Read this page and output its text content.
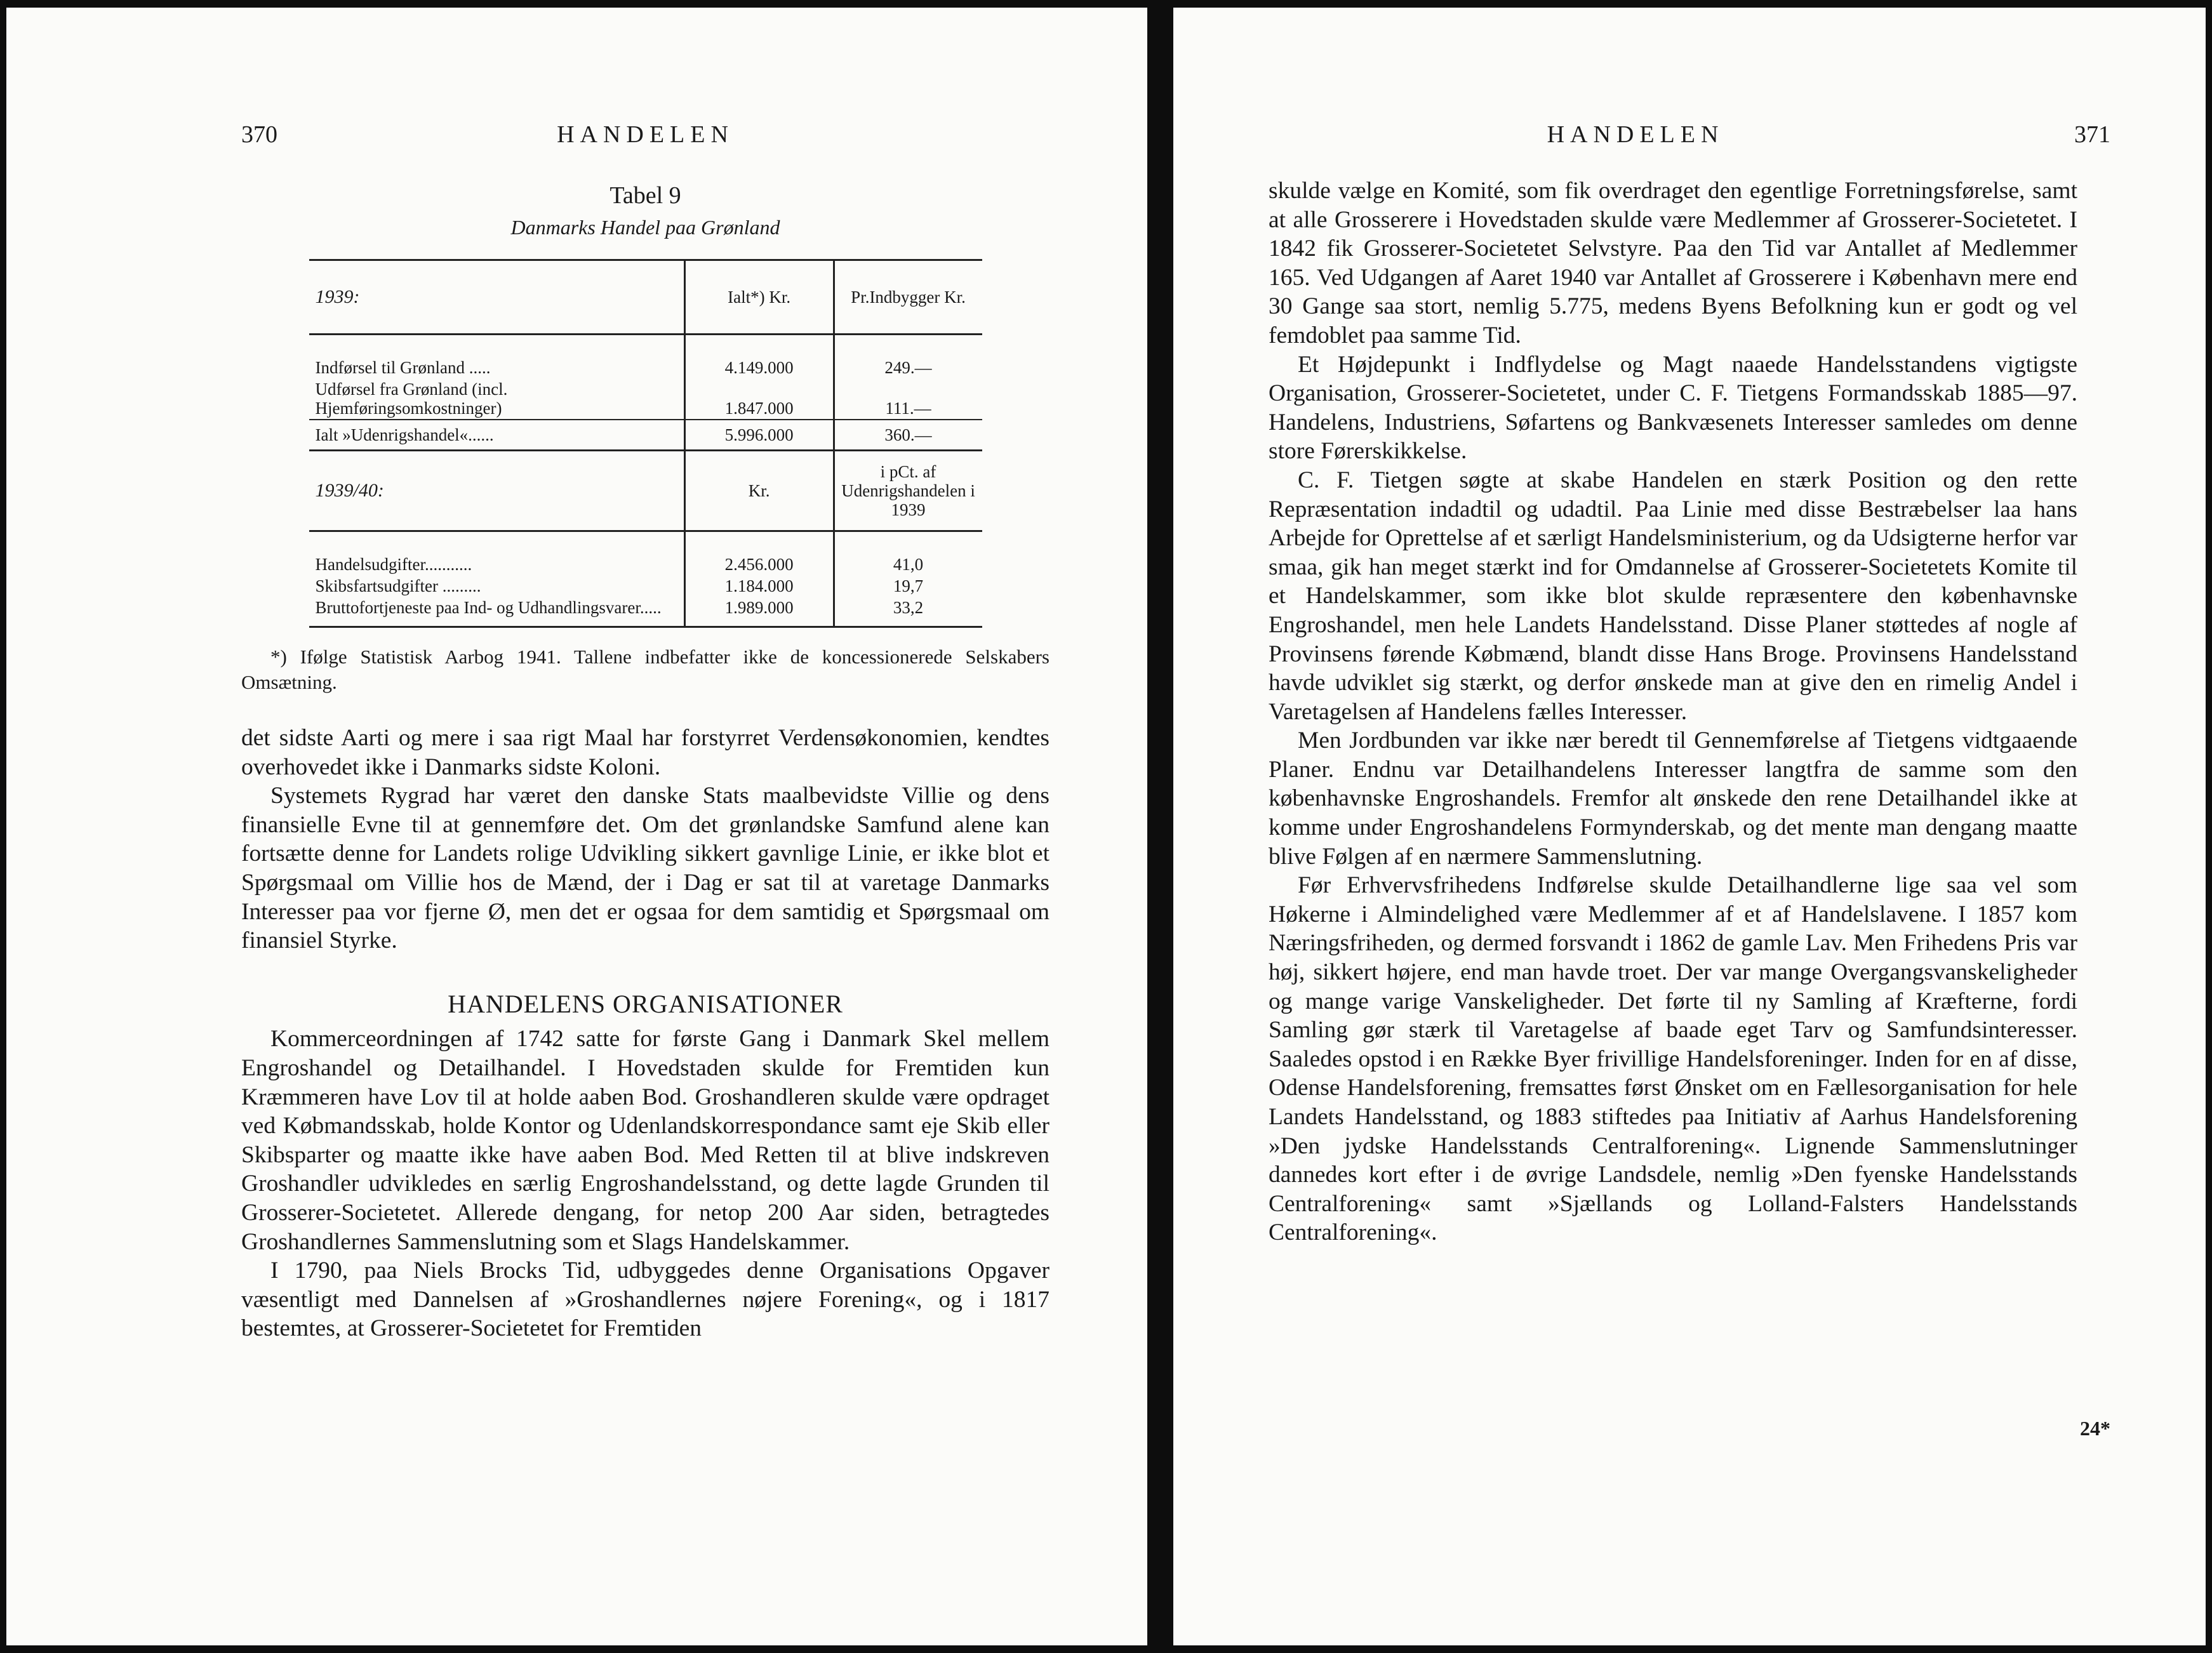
370	HANDELEN
Tabel 9
Danmarks Handel paa Grønland
1939:	Ialt*) Kr.	Pr.Indbygger Kr.

Indførsel til Grønland .....	4.149.000	249.—
Udførsel fra Grønland (incl. Hjemføringsomkostninger)	1.847.000	111.—
Ialt »Udenrigshandel«......	5.996.000	360.—
1939/40:	Kr.	i pCt. af Udenrigshandelen i 1939

Handelsudgifter...........	2.456.000	41,0
Skibsfartsudgifter .........	1.184.000	19,7
Bruttofortjeneste paa Ind- og Udhandlingsvarer.....	1.989.000	33,2
*) Ifølge Statistisk Aarbog 1941. Tallene indbefatter ikke de koncessionerede Selskabers Omsætning.

det sidste Aarti og mere i saa rigt Maal har forstyrret Verdensøkonomien, kendtes overhovedet ikke i Danmarks sidste Koloni.

Systemets Rygrad har været den danske Stats maalbevidste Villie og dens finansielle Evne til at gennemføre det. Om det grønlandske Samfund alene kan fortsætte denne for Landets rolige Udvikling sikkert gavnlige Linie, er ikke blot et Spørgsmaal om Villie hos de Mænd, der i Dag er sat til at varetage Danmarks Interesser paa vor fjerne Ø, men det er ogsaa for dem samtidig et Spørgsmaal om finansiel Styrke.

HANDELENS ORGANISATIONER

Kommerceordningen af 1742 satte for første Gang i Danmark Skel mellem Engroshandel og Detailhandel. I Hovedstaden skulde for Fremtiden kun Kræmmeren have Lov til at holde aaben Bod. Groshandleren skulde være opdraget ved Købmandsskab, holde Kontor og Udenlandskorrespondance samt eje Skib eller Skibsparter og maatte ikke have aaben Bod. Med Retten til at blive indskreven Groshandler udvikledes en særlig Engroshandelsstand, og dette lagde Grunden til Grosserer-Societetet. Allerede dengang, for netop 200 Aar siden, betragtedes Groshandlernes Sammenslutning som et Slags Handelskammer.

I 1790, paa Niels Brocks Tid, udbyggedes denne Organisations Opgaver væsentligt med Dannelsen af »Groshandlernes nøjere Forening«, og i 1817 bestemtes, at Grosserer-Societetet for Fremtiden

HANDELEN	371

skulde vælge en Komité, som fik overdraget den egentlige Forretningsførelse, samt at alle Grosserere i Hovedstaden skulde være Medlemmer af Grosserer-Societetet. I 1842 fik Grosserer-Societetet Selvstyre. Paa den Tid var Antallet af Medlemmer 165. Ved Udgangen af Aaret 1940 var Antallet af Grosserere i København mere end 30 Gange saa stort, nemlig 5.775, medens Byens Befolkning kun er godt og vel femdoblet paa samme Tid.

Et Højdepunkt i Indflydelse og Magt naaede Handelsstandens vigtigste Organisation, Grosserer-Societetet, under C. F. Tietgens Formandsskab 1885—97. Handelens, Industriens, Søfartens og Bankvæsenets Interesser samledes om denne store Førerskikkelse.

C. F. Tietgen søgte at skabe Handelen en stærk Position og den rette Repræsentation indadtil og udadtil. Paa Linie med disse Bestræbelser laa hans Arbejde for Oprettelse af et særligt Handelsministerium, og da Udsigterne herfor var smaa, gik han meget stærkt ind for Omdannelse af Grosserer-Societetets Komite til et Handelskammer, som ikke blot skulde repræsentere den københavnske Engroshandel, men hele Landets Handelsstand. Disse Planer støttedes af nogle af Provinsens førende Købmænd, blandt disse Hans Broge. Provinsens Handelsstand havde udviklet sig stærkt, og derfor ønskede man at give den en rimelig Andel i Varetagelsen af Handelens fælles Interesser.

Men Jordbunden var ikke nær beredt til Gennemførelse af Tietgens vidtgaaende Planer. Endnu var Detailhandelens Interesser langtfra de samme som den københavnske Engroshandels. Fremfor alt ønskede den rene Detailhandel ikke at komme under Engroshandelens Formynderskab, og det mente man dengang maatte blive Følgen af en nærmere Sammenslutning.

Før Erhvervsfrihedens Indførelse skulde Detailhandlerne lige saa vel som Høkerne i Almindelighed være Medlemmer af et af Handelslavene. I 1857 kom Næringsfriheden, og dermed forsvandt i 1862 de gamle Lav. Men Frihedens Pris var høj, sikkert højere, end man havde troet. Der var mange Overgangsvanskeligheder og mange varige Vanskeligheder. Det førte til ny Samling af Kræfterne, fordi Samling gør stærk til Varetagelse af baade eget Tarv og Samfundsinteresser. Saaledes opstod i en Række Byer frivillige Handelsforeninger. Inden for en af disse, Odense Handelsforening, fremsattes først Ønsket om en Fællesorganisation for hele Landets Handelsstand, og 1883 stiftedes paa Initiativ af Aarhus Handelsforening »Den jydske Handelsstands Centralforening«. Lignende Sammenslutninger dannedes kort efter i de øvrige Landsdele, nemlig »Den fyenske Handelsstands Centralforening« samt »Sjællands og Lolland-Falsters Handelsstands Centralforening«.

24*
